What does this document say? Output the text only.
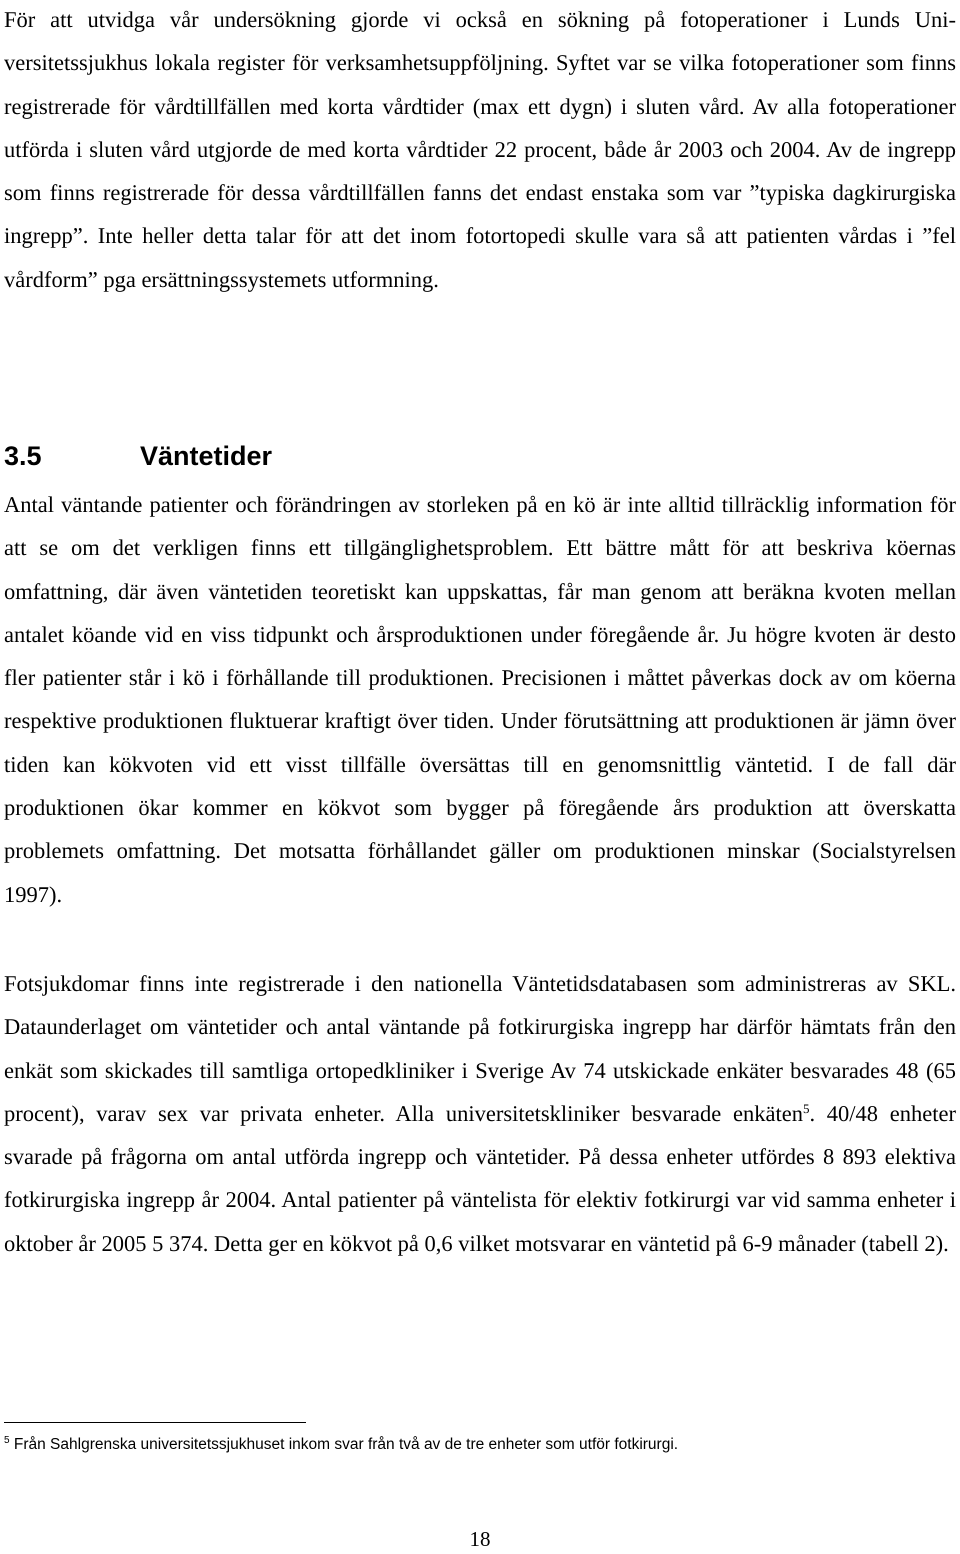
För att utvidga vår undersökning gjorde vi också en sökning på fotoperationer i Lunds Universitetssjukhus lokala register för verksamhetsuppföljning. Syftet var se vilka fotoperationer som finns registrerade för vårdtillfällen med korta vårdtider (max ett dygn) i sluten vård. Av alla fotoperationer utförda i sluten vård utgjorde de med korta vårdtider 22 procent, både år 2003 och 2004. Av de ingrepp som finns registrerade för dessa vårdtillfällen fanns det endast enstaka som var ”typiska dagkirurgiska ingrepp”. Inte heller detta talar för att det inom fotortopedi skulle vara så att patienten vårdas i ”fel vårdform” pga ersättningssystemets utformning.

3.5	Väntetider

Antal väntande patienter och förändringen av storleken på en kö är inte alltid tillräcklig information för att se om det verkligen finns ett tillgänglighetsproblem. Ett bättre mått för att beskriva köernas omfattning, där även väntetiden teoretiskt kan uppskattas, får man genom att beräkna kvoten mellan antalet köande vid en viss tidpunkt och årsproduktionen under föregående år. Ju högre kvoten är desto fler patienter står i kö i förhållande till produktionen. Precisionen i måttet påverkas dock av om köerna respektive produktionen fluktuerar kraftigt över tiden. Under förutsättning att produktionen är jämn över tiden kan kökvoten vid ett visst tillfälle översättas till en genomsnittlig väntetid. I de fall där produktionen ökar kommer en kökvot som bygger på föregående års produktion att överskatta problemets omfattning. Det motsatta förhållandet gäller om produktionen minskar (Socialstyrelsen 1997).

Fotsjukdomar finns inte registrerade i den nationella Väntetidsdatabasen som administreras av SKL. Dataunderlaget om väntetider och antal väntande på fotkirurgiska ingrepp har därför hämtats från den enkät som skickades till samtliga ortopedkliniker i Sverige Av 74 utskickade enkäter besvarades 48 (65 procent), varav sex var privata enheter. Alla universitetskliniker besvarade enkäten$^5$. 40/48 enheter svarade på frågorna om antal utförda ingrepp och väntetider. På dessa enheter utfördes 8 893 elektiva fotkirurgiska ingrepp år 2004. Antal patienter på väntelista för elektiv fotkirurgi var vid samma enheter i oktober år 2005 5 374. Detta ger en kökvot på 0,6 vilket motsvarar en väntetid på 6-9 månader (tabell 2).

$^5$ Från Sahlgrenska universitetssjukhuset inkom svar från två av de tre enheter som utför fotkirurgi.

18
